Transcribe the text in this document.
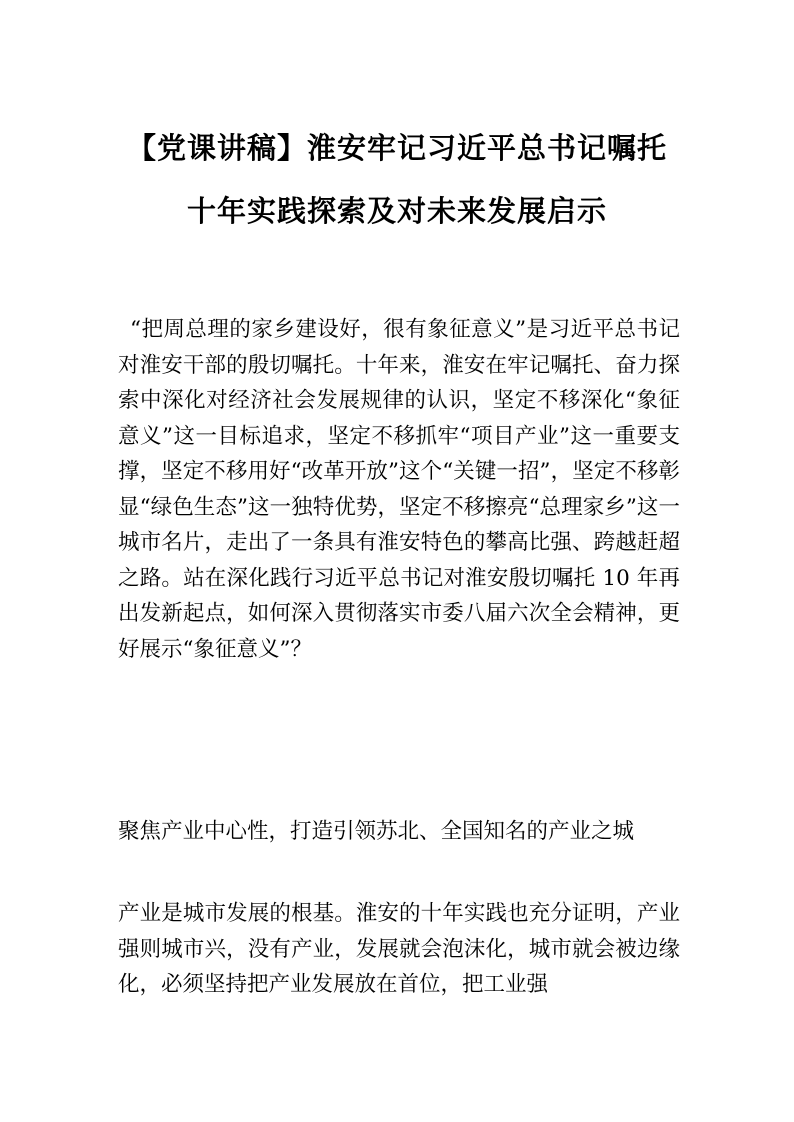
【党课讲稿】淮安牢记习近平总书记嘱托
十年实践探索及对未来发展启示

“把周总理的家乡建设好，很有象征意义”是习近平总书记对淮安干部的殷切嘱托。十年来，淮安在牢记嘱托、奋力探索中深化对经济社会发展规律的认识，坚定不移深化“象征意义”这一目标追求，坚定不移抓牢“项目产业”这一重要支撑，坚定不移用好“改革开放”这个“关键一招”，坚定不移彰显“绿色生态”这一独特优势，坚定不移擦亮“总理家乡”这一城市名片，走出了一条具有淮安特色的攀高比强、跨越赶超之路。站在深化践行习近平总书记对淮安殷切嘱托 10 年再出发新起点，如何深入贯彻落实市委八届六次全会精神，更好展示“象征意义”？

聚焦产业中心性，打造引领苏北、全国知名的产业之城

产业是城市发展的根基。淮安的十年实践也充分证明，产业强则城市兴，没有产业，发展就会泡沫化，城市就会被边缘化，必须坚持把产业发展放在首位，把工业强
